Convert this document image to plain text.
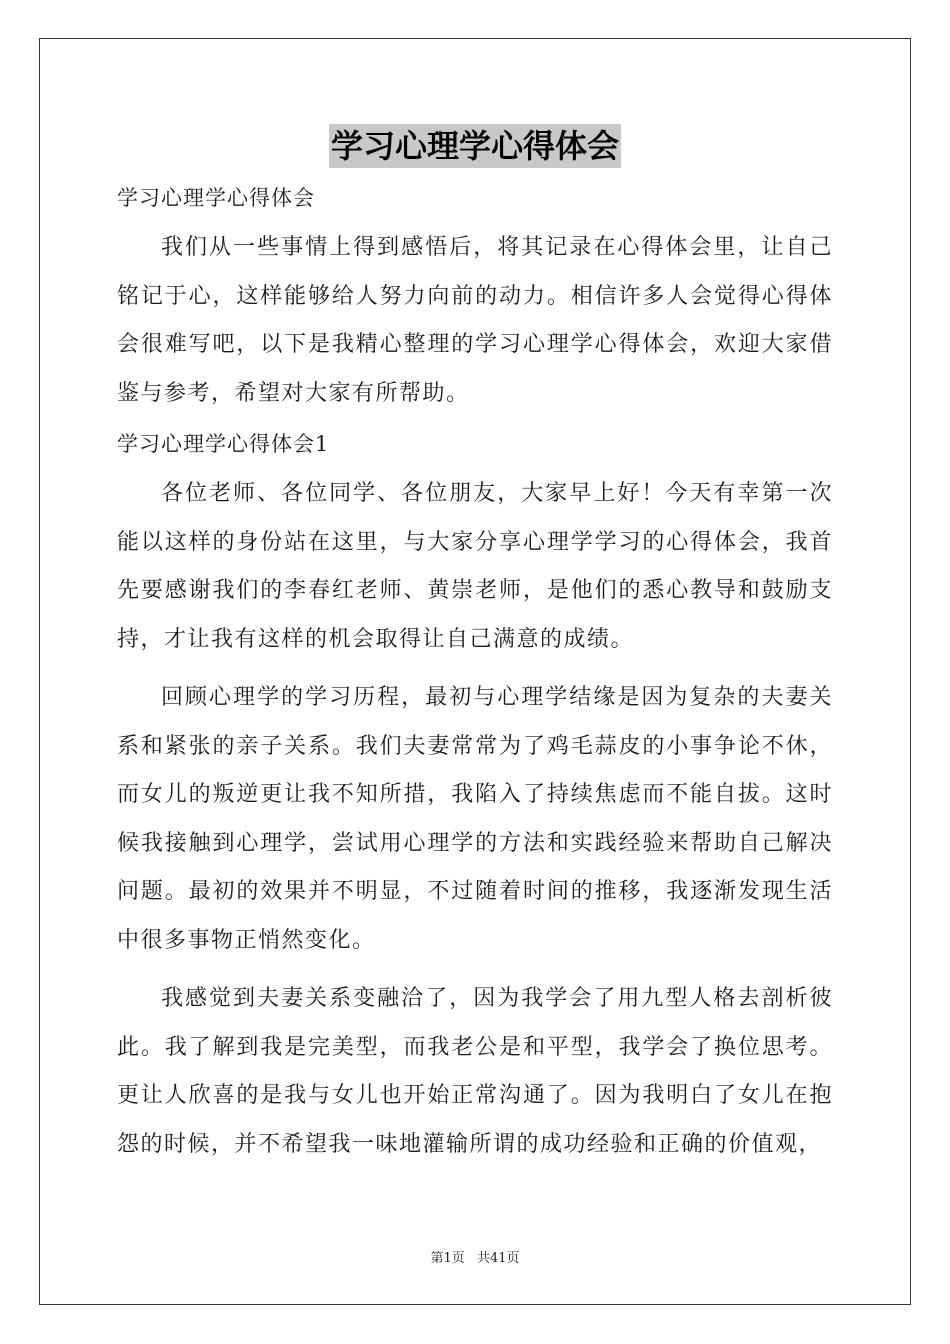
学习心理学心得体会

学习心理学心得体会

我们从一些事情上得到感悟后，将其记录在心得体会里，让自己铭记于心，这样能够给人努力向前的动力。相信许多人会觉得心得体会很难写吧，以下是我精心整理的学习心理学心得体会，欢迎大家借鉴与参考，希望对大家有所帮助。

学习心理学心得体会1

各位老师、各位同学、各位朋友，大家早上好！今天有幸第一次能以这样的身份站在这里，与大家分享心理学学习的心得体会，我首先要感谢我们的李春红老师、黄崇老师，是他们的悉心教导和鼓励支持，才让我有这样的机会取得让自己满意的成绩。

回顾心理学的学习历程，最初与心理学结缘是因为复杂的夫妻关系和紧张的亲子关系。我们夫妻常常为了鸡毛蒜皮的小事争论不休，而女儿的叛逆更让我不知所措，我陷入了持续焦虑而不能自拔。这时候我接触到心理学，尝试用心理学的方法和实践经验来帮助自己解决问题。最初的效果并不明显，不过随着时间的推移，我逐渐发现生活中很多事物正悄然变化。

我感觉到夫妻关系变融洽了，因为我学会了用九型人格去剖析彼此。我了解到我是完美型，而我老公是和平型，我学会了换位思考。更让人欣喜的是我与女儿也开始正常沟通了。因为我明白了女儿在抱怨的时候，并不希望我一味地灌输所谓的成功经验和正确的价值观，

第1页 共41页
